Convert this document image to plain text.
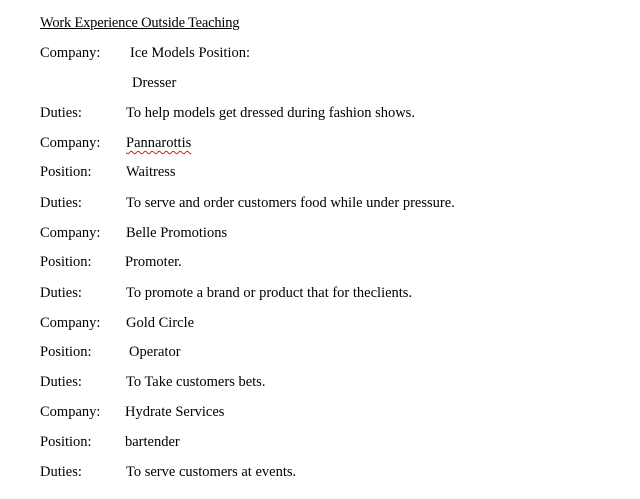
Work Experience Outside Teaching
Company: Ice Models Position:
Dresser
Duties:	To help models get dressed during fashion shows.
Company: Pannarottis
Position: Waitress
Duties:	To serve and order customers food while under pressure.
Company: Belle Promotions
Position: Promoter.
Duties:	To promote a brand or product that for theclients.
Company: Gold Circle
Position:	Operator
Duties:	To Take customers bets.
Company: Hydrate Services
Position: bartender
Duties:	To serve customers at events.
